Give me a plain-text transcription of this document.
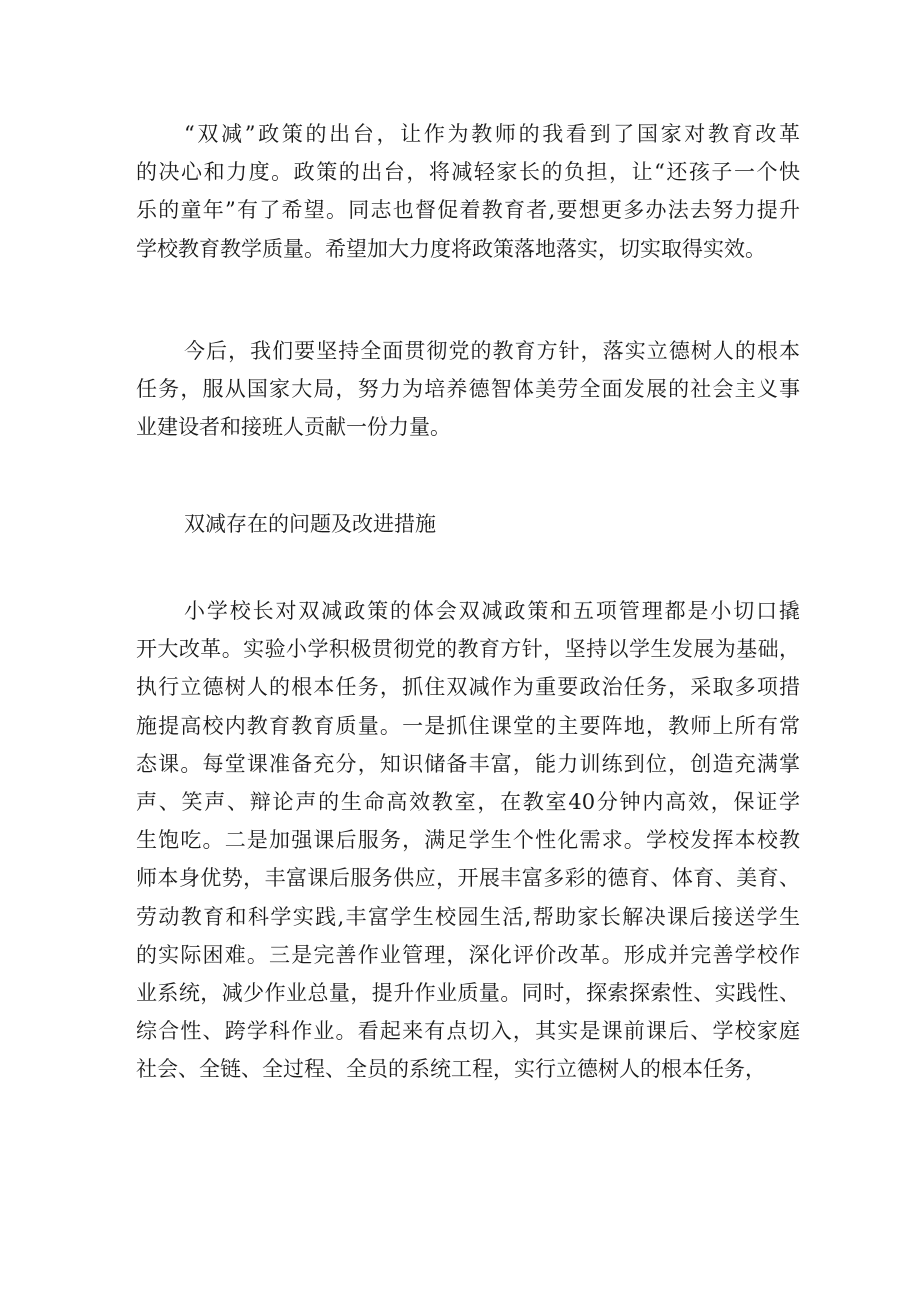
“双减”政策的出台，让作为教师的我看到了国家对教育改革
的决心和力度。政策的出台，将减轻家长的负担，让“还孩子一个快
乐的童年”有了希望。同志也督促着教育者,要想更多办法去努力提升
学校教育教学质量。希望加大力度将政策落地落实，切实取得实效。

今后，我们要坚持全面贯彻党的教育方针，落实立德树人的根本
任务，服从国家大局，努力为培养德智体美劳全面发展的社会主义事
业建设者和接班人贡献一份力量。

双减存在的问题及改进措施

小学校长对双减政策的体会双减政策和五项管理都是小切口撬
开大改革。实验小学积极贯彻党的教育方针，坚持以学生发展为基础，
执行立德树人的根本任务，抓住双减作为重要政治任务，采取多项措
施提高校内教育教育质量。一是抓住课堂的主要阵地，教师上所有常
态课。每堂课准备充分，知识储备丰富，能力训练到位，创造充满掌
声、笑声、辩论声的生命高效教室，在教室40分钟内高效，保证学
生饱吃。二是加强课后服务，满足学生个性化需求。学校发挥本校教
师本身优势，丰富课后服务供应，开展丰富多彩的德育、体育、美育、
劳动教育和科学实践,丰富学生校园生活,帮助家长解决课后接送学生
的实际困难。三是完善作业管理，深化评价改革。形成并完善学校作
业系统，减少作业总量，提升作业质量。同时，探索探索性、实践性、
综合性、跨学科作业。看起来有点切入，其实是课前课后、学校家庭
社会、全链、全过程、全员的系统工程，实行立德树人的根本任务，
